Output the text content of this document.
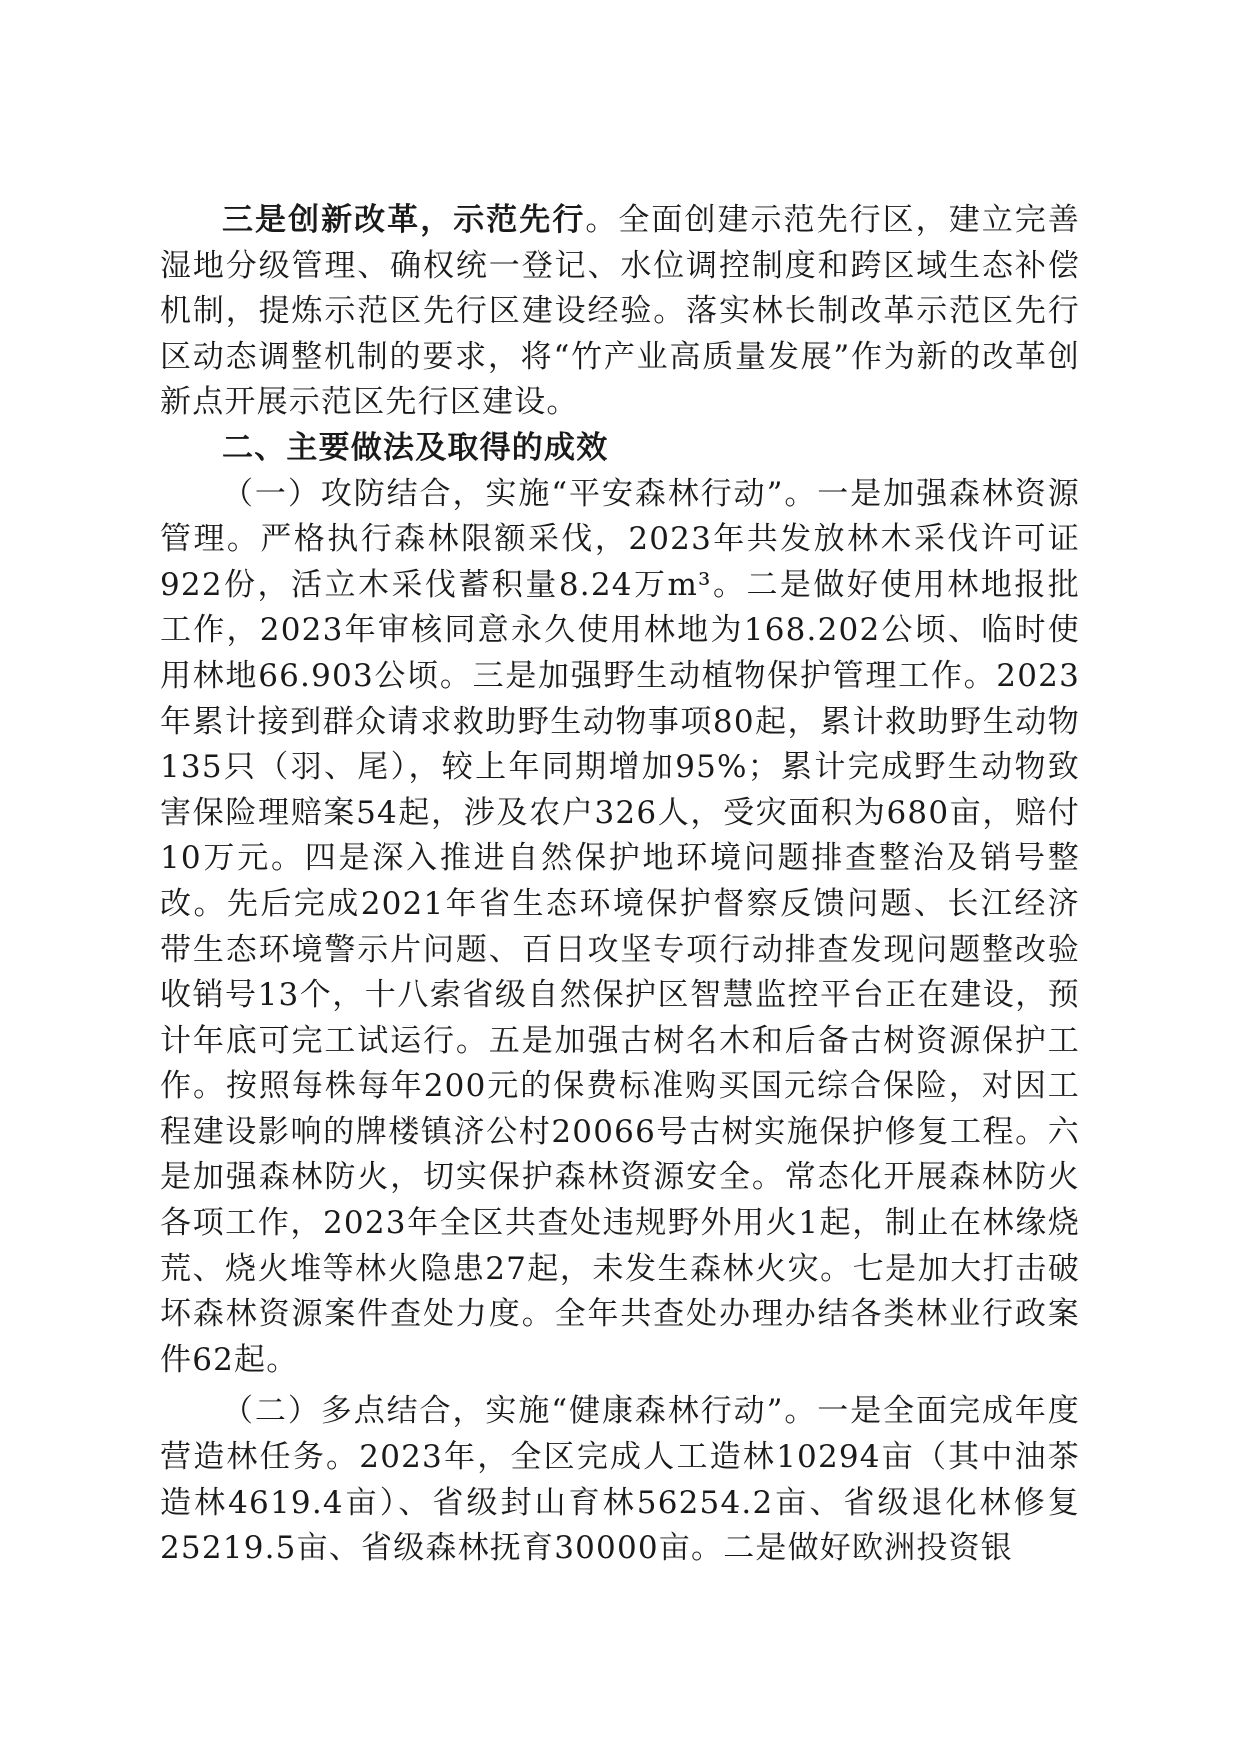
三是创新改革，示范先行。全面创建示范先行区，建立完善湿地分级管理、确权统一登记、水位调控制度和跨区域生态补偿机制，提炼示范区先行区建设经验。落实林长制改革示范区先行区动态调整机制的要求，将“竹产业高质量发展”作为新的改革创新点开展示范区先行区建设。

二、主要做法及取得的成效

（一）攻防结合，实施“平安森林行动”。一是加强森林资源管理。严格执行森林限额采伐，2023年共发放林木采伐许可证922份，活立木采伐蓄积量8.24万m³。二是做好使用林地报批工作，2023年审核同意永久使用林地为168.202公顷、临时使用林地66.903公顷。三是加强野生动植物保护管理工作。2023年累计接到群众请求救助野生动物事项80起，累计救助野生动物135只（羽、尾），较上年同期增加95%；累计完成野生动物致害保险理赔案54起，涉及农户326人，受灾面积为680亩，赔付10万元。四是深入推进自然保护地环境问题排查整治及销号整改。先后完成2021年省生态环境保护督察反馈问题、长江经济带生态环境警示片问题、百日攻坚专项行动排查发现问题整改验收销号13个，十八索省级自然保护区智慧监控平台正在建设，预计年底可完工试运行。五是加强古树名木和后备古树资源保护工作。按照每株每年200元的保费标准购买国元综合保险，对因工程建设影响的牌楼镇济公村20066号古树实施保护修复工程。六是加强森林防火，切实保护森林资源安全。常态化开展森林防火各项工作，2023年全区共查处违规野外用火1起，制止在林缘烧荒、烧火堆等林火隐患27起，未发生森林火灾。七是加大打击破坏森林资源案件查处力度。全年共查处办理办结各类林业行政案件62起。

（二）多点结合，实施“健康森林行动”。一是全面完成年度营造林任务。2023年，全区完成人工造林10294亩（其中油茶造林4619.4亩）、省级封山育林56254.2亩、省级退化林修复25219.5亩、省级森林抚育30000亩。二是做好欧洲投资银
